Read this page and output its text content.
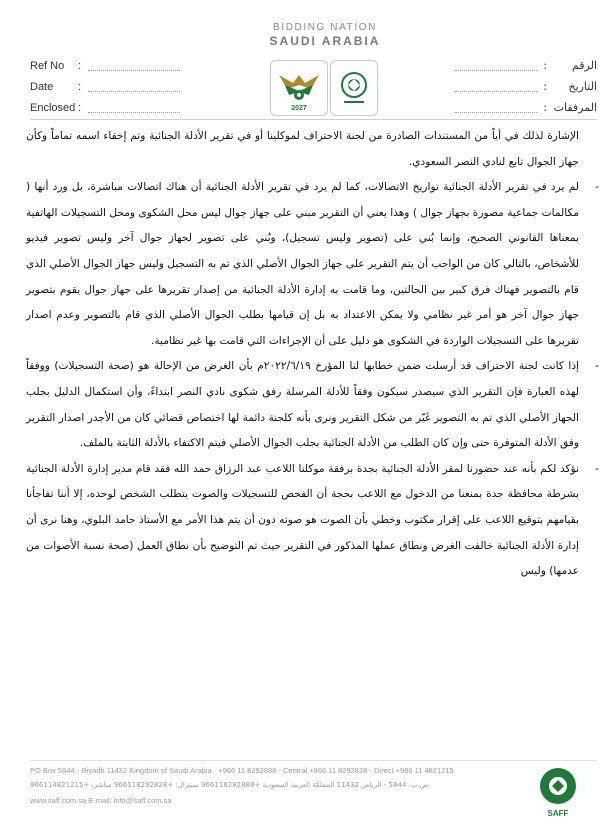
BIDDING NATION
SAUDI ARABIA
2027
Ref No	:
Date	:
Enclosed :
الرقم
:
التاريخ
:
المرفقات
:

الإشارة لذلك في أياً من المستندات الصادرة من لجنة الاحتراف لموكلينا أو في تقرير الأدلة الجنائية وتم إخفاء اسمه تماماً وكأن جهاز الجوال تابع لنادي النصر السعودي.

-
لم يرد في تقرير الأدلة الجنائية تواريخ الاتصالات، كما لم يرد في تقرير الأدلة الجنائية أن هناك اتصالات مباشرة، بل ورد أنها ( مكالمات جماعية مصورة بجهاز جوال ) وهذا يعني أن التقرير مبني على جهاز جوال ليس محل الشكوى ومحل التسجيلات الهاتفية بمعناها القانوني الصحيح، وإنما بُني على (تصوير وليس تسجيل)، وبُني على تصوير لجهاز جوال آخر وليس تصوير فيديو للأشخاص، بالتالي كان من الواجب أن يتم التقرير على جهاز الجوال الأصلي الذي تم به التسجيل وليس جهاز الجوال الأصلي الذي قام بالتصوير فهناك فرق كبير بين الحالتين، وما قامت به إدارة الأدلة الجنائية من إصدار تقريرها على جهاز جوال يقوم بتصوير جهاز جوال آخر هو أمر غير نظامي ولا يمكن الاعتداد به بل إن قيامها بطلب الجوال الأصلي الذي قام بالتصوير وعدم اصدار تقريرها على التسجيلات الواردة في الشكوى هو دليل على أن الإجراءات التي قامت بها غير نظامية.

-
إذا كانت لجنة الاحتراف قد أرسلت ضمن خطابها لنا المؤرخ ٢٠٢٢/٦/١٩م بأن الغرض من الإحالة هو (صحة التسجيلات) ووفقاً لهذه العبارة فإن التقرير الذي سيصدر سيكون وفقاً للأدلة المرسلة رفق شكوى نادي النصر ابتداءً، وأن استكمال الدليل بجلب الجهاز الأصلي الذي تم به التصوير غَيّر من شكل التقرير ونرى بأنه كلجنة دائمة لها اختصاص قضائي كان من الأجدر اصدار التقرير وفق الأدلة المتوفرة حتى وإن كان الطلب من الأدلة الجنائية بجلب الجوال الأصلي فيتم الاكتفاء بالأدلة الثابتة بالملف.

-
نؤكد لكم بأنه عند حضورنا لمقر الأدلة الجنائية بجدة برفقة موكلنا اللاعب عبد الرزاق حمد الله فقد قام مدير إدارة الأدلة الجنائية بشرطة محافظة جدة بمنعنا من الدخول مع اللاعب بحجة أن الفحص للتسجيلات والصوت يتطلب الشخص لوحده، إلا أننا تفاجأنا بقيامهم بتوقيع اللاعب على إقرار مكتوب وخطي بأن الصوت هو صوته دون أن يتم هذا الأمر مع الأستاذ حامد البلوي، وهنا نرى أن إدارة الأدلة الجنائية خالفت الغرض ونطاق عملها المذكور في التقرير حيث تم التوضيح بأن نطاق العمل (صحة نسبة الأصوات من عدمها) وليس

PO Box 5844 - Riyadh 11432 Kingdom of Saudi Arabia · +966 11 8292888 - Central +966 11 8292828 - Direct +966 11 4821215
ص.ب: 5844 - الرياض 11432 المملكة العربية السعودية +966118292888 سنترال: +966118292828 مباشر: +966114821215
www.saff.com.sa E-mail: info@saff.com.sa
SAFF
